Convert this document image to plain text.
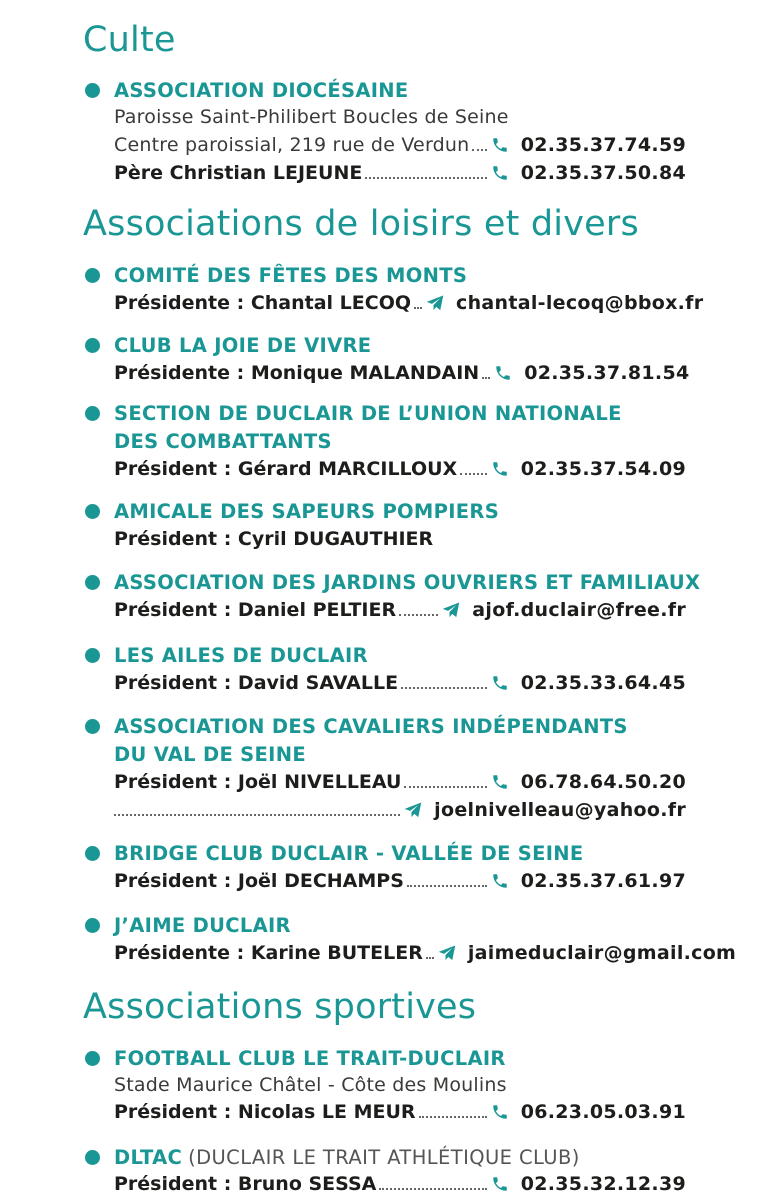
Culte
ASSOCIATION DIOCÉSAINE
Paroisse Saint-Philibert Boucles de Seine
Centre paroissial, 219 rue de Verdun	02.35.37.74.59
Père Christian LEJEUNE	02.35.37.50.84
Associations de loisirs et divers
COMITÉ DES FÊTES DES MONTS
Présidente : Chantal LECOQ chantal-lecoq@bbox.fr
CLUB LA JOIE DE VIVRE
Présidente : Monique MALANDAIN 02.35.37.81.54
SECTION DE DUCLAIR DE L’UNION NATIONALE
DES COMBATTANTS
Président : Gérard MARCILLOUX	02.35.37.54.09
AMICALE DES SAPEURS POMPIERS
Président : Cyril DUGAUTHIER
ASSOCIATION DES JARDINS OUVRIERS ET FAMILIAUX
Président : Daniel PELTIER	ajof.duclair@free.fr
LES AILES DE DUCLAIR
Président : David SAVALLE	02.35.33.64.45
ASSOCIATION DES CAVALIERS INDÉPENDANTS
DU VAL DE SEINE
Président : Joël NIVELLEAU	06.78.64.50.20
joelnivelleau@yahoo.fr
BRIDGE CLUB DUCLAIR - VALLÉE DE SEINE
Président : Joël DECHAMPS	02.35.37.61.97
J’AIME DUCLAIR
Présidente : Karine BUTELER jaimeduclair@gmail.com
Associations sportives
FOOTBALL CLUB LE TRAIT-DUCLAIR
Stade Maurice Châtel - Côte des Moulins
Président : Nicolas LE MEUR	06.23.05.03.91
DLTAC (DUCLAIR LE TRAIT ATHLÉTIQUE CLUB)
Président : Bruno SESSA	02.35.32.12.39
